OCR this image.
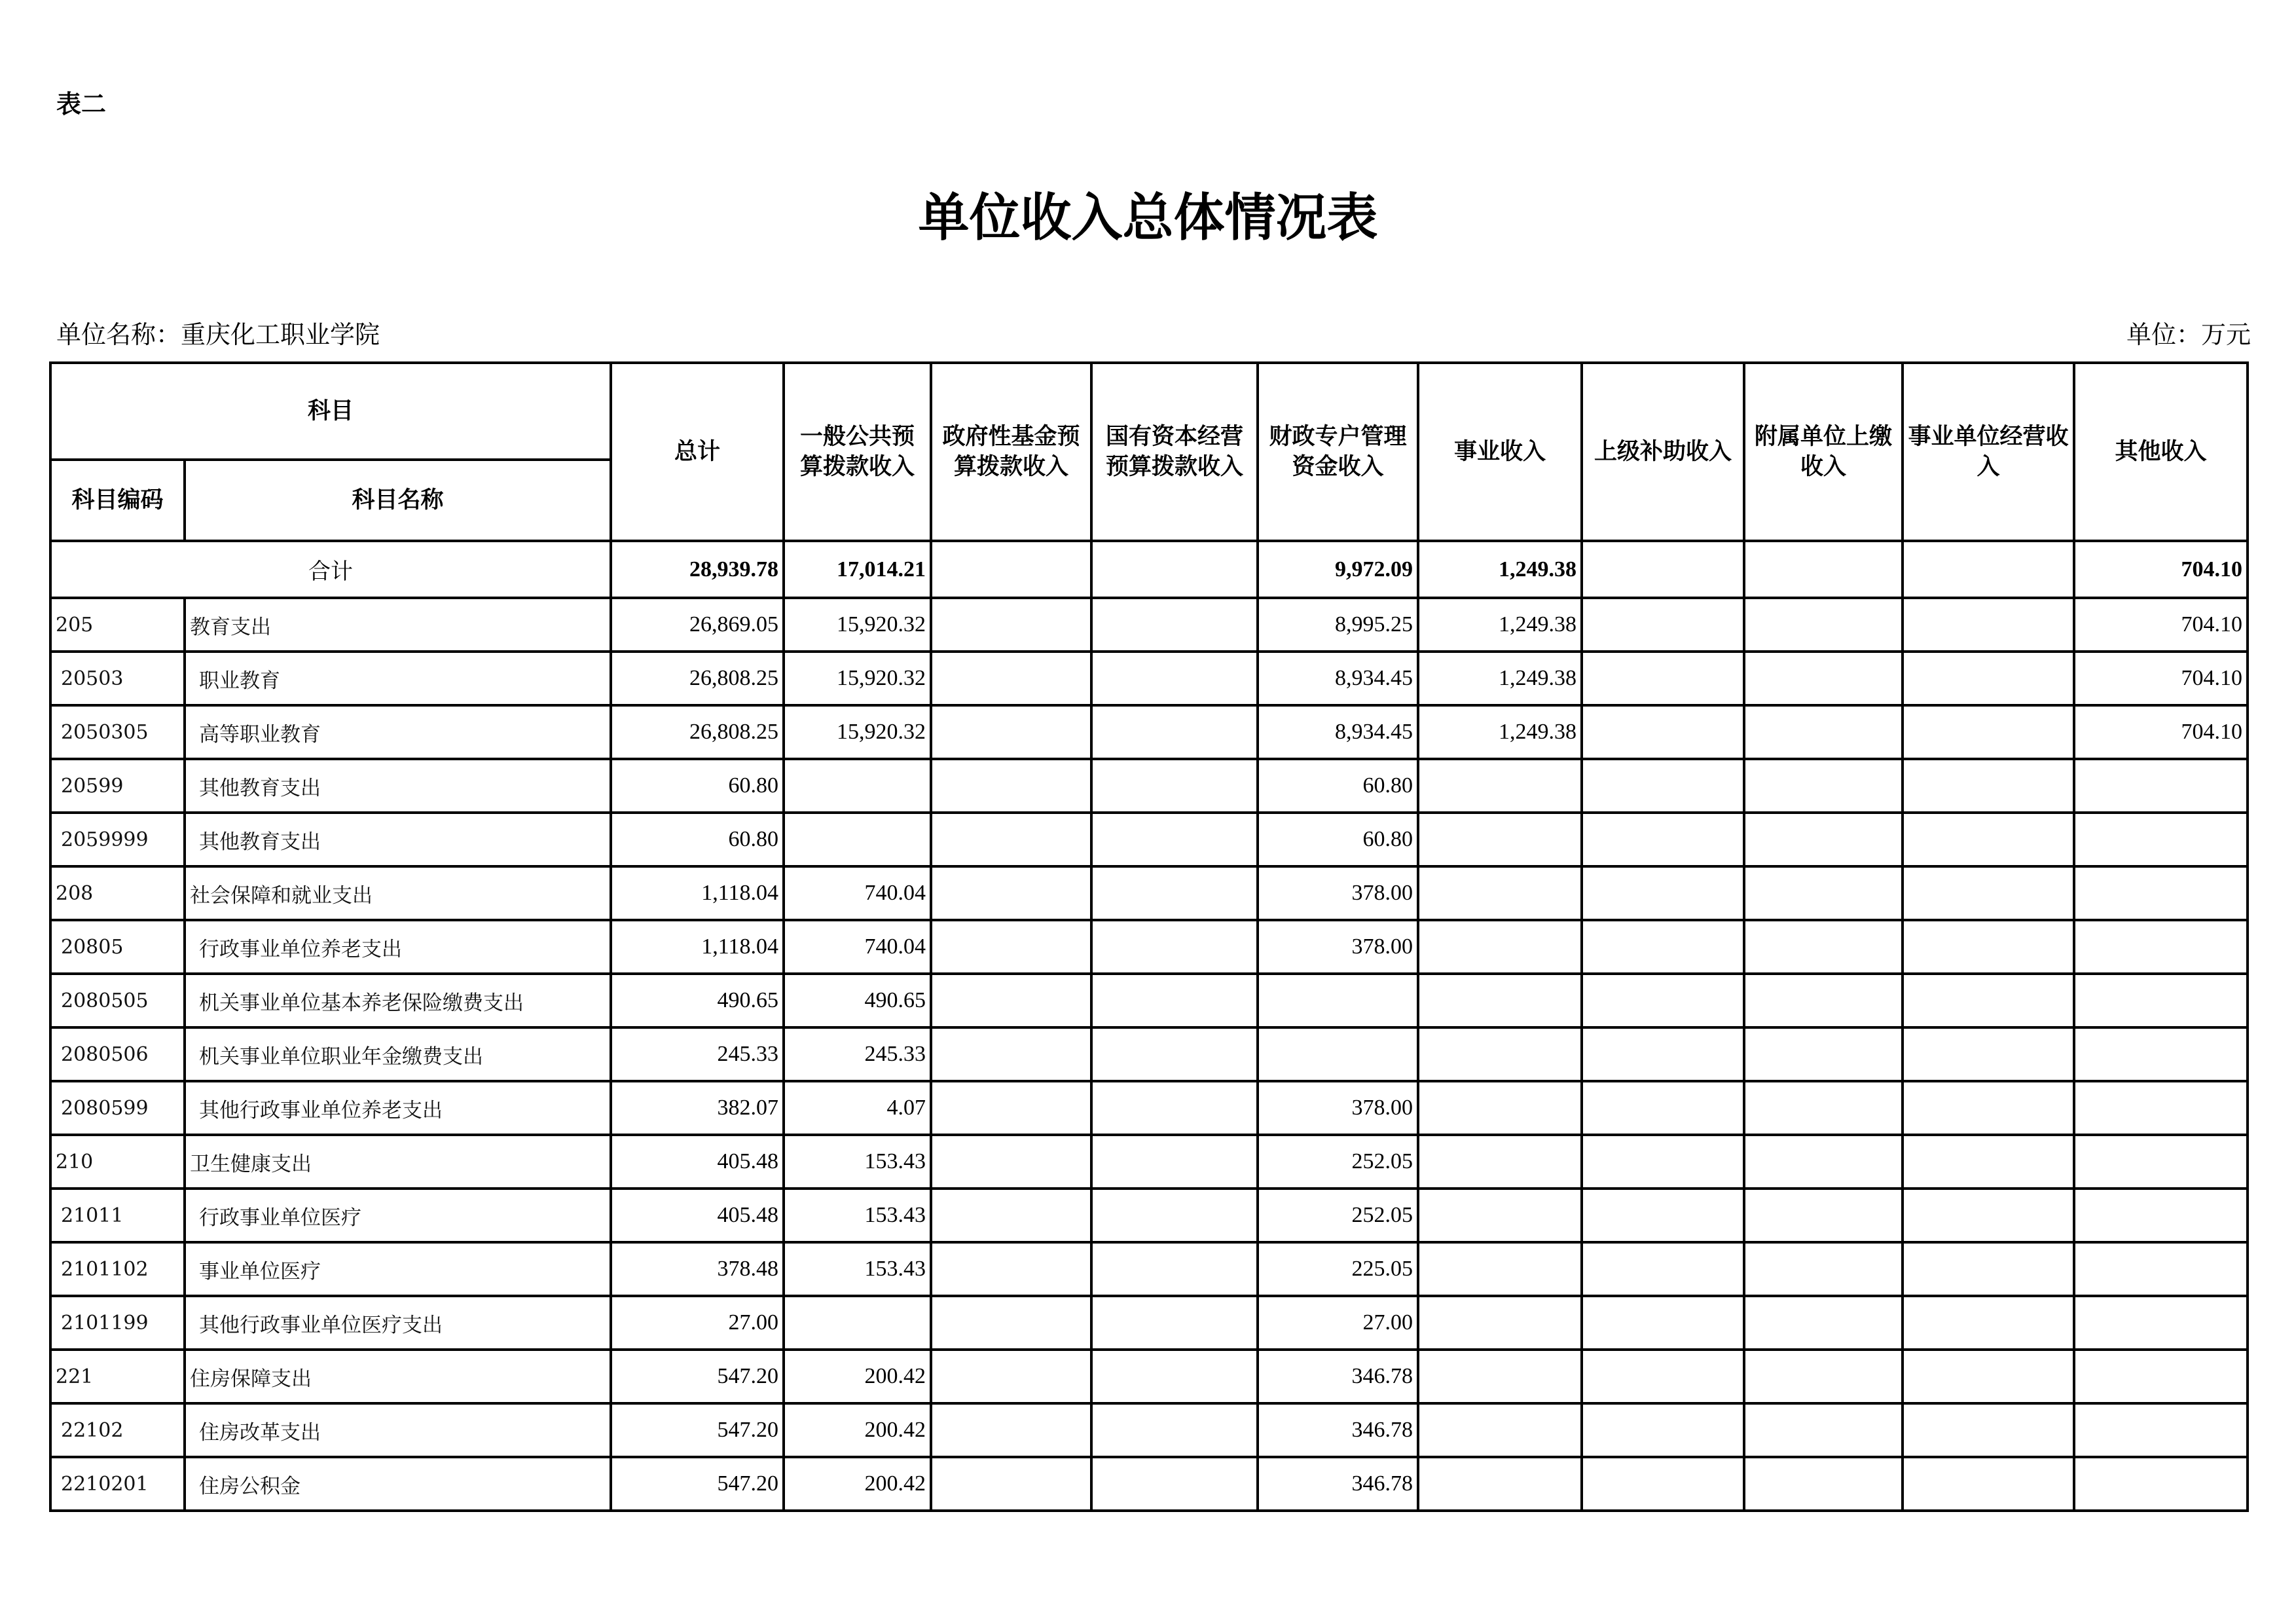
表二
单位收入总体情况表
单位名称：重庆化工职业学院	单位：万元
科目		总计	一般公共预算拨款收入	政府性基金预算拨款收入	国有资本经营预算拨款收入	财政专户管理资金收入	事业收入	上级补助收入	附属单位上缴收入	事业单位经营收入	其他收入
科目编码	科目名称										
合计		28,939.78	17,014.21			9,972.09	1,249.38				704.10
205	教育支出	26,869.05	15,920.32			8,995.25	1,249.38				704.10
20503	职业教育	26,808.25	15,920.32			8,934.45	1,249.38				704.10
2050305	高等职业教育	26,808.25	15,920.32			8,934.45	1,249.38				704.10
20599	其他教育支出	60.80				60.80					
2059999	其他教育支出	60.80				60.80					
208	社会保障和就业支出	1,118.04	740.04			378.00					
20805	行政事业单位养老支出	1,118.04	740.04			378.00					
2080505	机关事业单位基本养老保险缴费支出	490.65	490.65								
2080506	机关事业单位职业年金缴费支出	245.33	245.33								
2080599	其他行政事业单位养老支出	382.07	4.07			378.00					
210	卫生健康支出	405.48	153.43			252.05					
21011	行政事业单位医疗	405.48	153.43			252.05					
2101102	事业单位医疗	378.48	153.43			225.05					
2101199	其他行政事业单位医疗支出	27.00				27.00					
221	住房保障支出	547.20	200.42			346.78					
22102	住房改革支出	547.20	200.42			346.78					
2210201	住房公积金	547.20	200.42			346.78					
